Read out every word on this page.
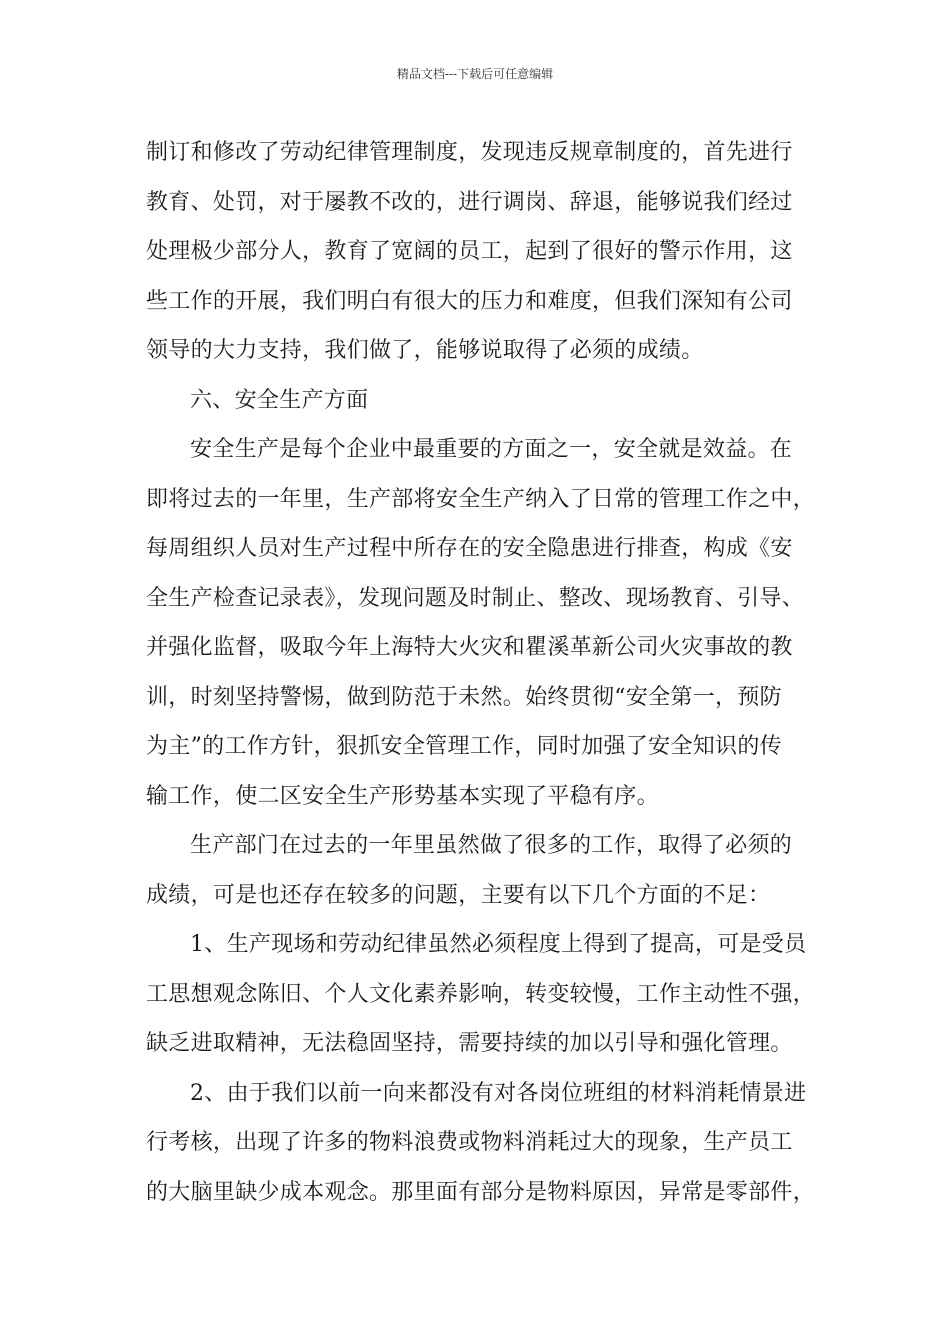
精品文档---下载后可任意编辑
制订和修改了劳动纪律管理制度，发现违反规章制度的，首先进行
教育、处罚，对于屡教不改的，进行调岗、辞退，能够说我们经过
处理极少部分人，教育了宽阔的员工，起到了很好的警示作用，这
些工作的开展，我们明白有很大的压力和难度，但我们深知有公司
领导的大力支持，我们做了，能够说取得了必须的成绩。
六、安全生产方面
安全生产是每个企业中最重要的方面之一，安全就是效益。在
即将过去的一年里，生产部将安全生产纳入了日常的管理工作之中，
每周组织人员对生产过程中所存在的安全隐患进行排查，构成《安
全生产检查记录表》，发现问题及时制止、整改、现场教育、引导、
并强化监督，吸取今年上海特大火灾和瞿溪革新公司火灾事故的教
训，时刻坚持警惕，做到防范于未然。始终贯彻“安全第一，预防
为主”的工作方针，狠抓安全管理工作，同时加强了安全知识的传
输工作，使二区安全生产形势基本实现了平稳有序。
生产部门在过去的一年里虽然做了很多的工作，取得了必须的
成绩，可是也还存在较多的问题，主要有以下几个方面的不足：
1、生产现场和劳动纪律虽然必须程度上得到了提高，可是受员
工思想观念陈旧、个人文化素养影响，转变较慢，工作主动性不强，
缺乏进取精神，无法稳固坚持，需要持续的加以引导和强化管理。
2、由于我们以前一向来都没有对各岗位班组的材料消耗情景进
行考核，出现了许多的物料浪费或物料消耗过大的现象，生产员工
的大脑里缺少成本观念。那里面有部分是物料原因，异常是零部件，
